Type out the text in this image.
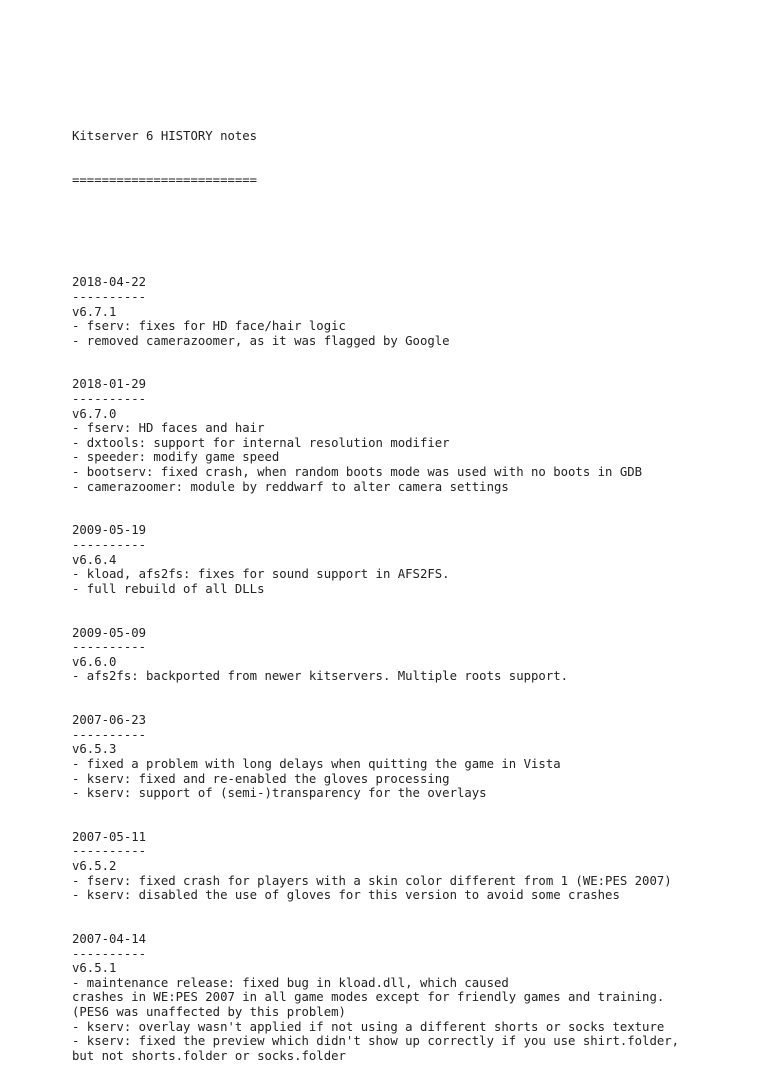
Kitserver 6 HISTORY notes

=========================

2018-04-22
----------
v6.7.1
- fserv: fixes for HD face/hair logic
- removed camerazoomer, as it was flagged by Google
2018-01-29
----------
v6.7.0
- fserv: HD faces and hair
- dxtools: support for internal resolution modifier
- speeder: modify game speed
- bootserv: fixed crash, when random boots mode was used with no boots in GDB
- camerazoomer: module by reddwarf to alter camera settings
2009-05-19
----------
v6.6.4
- kload, afs2fs: fixes for sound support in AFS2FS.
- full rebuild of all DLLs
2009-05-09
----------
v6.6.0
- afs2fs: backported from newer kitservers. Multiple roots support.
2007-06-23
----------
v6.5.3
- fixed a problem with long delays when quitting the game in Vista
- kserv: fixed and re-enabled the gloves processing
- kserv: support of (semi-)transparency for the overlays
2007-05-11
----------
v6.5.2
- fserv: fixed crash for players with a skin color different from 1 (WE:PES 2007)
- kserv: disabled the use of gloves for this version to avoid some crashes
2007-04-14
----------
v6.5.1
- maintenance release: fixed bug in kload.dll, which caused
crashes in WE:PES 2007 in all game modes except for friendly games and training.
(PES6 was unaffected by this problem)
- kserv: overlay wasn't applied if not using a different shorts or socks texture
- kserv: fixed the preview which didn't show up correctly if you use shirt.folder,
but not shorts.folder or socks.folder
